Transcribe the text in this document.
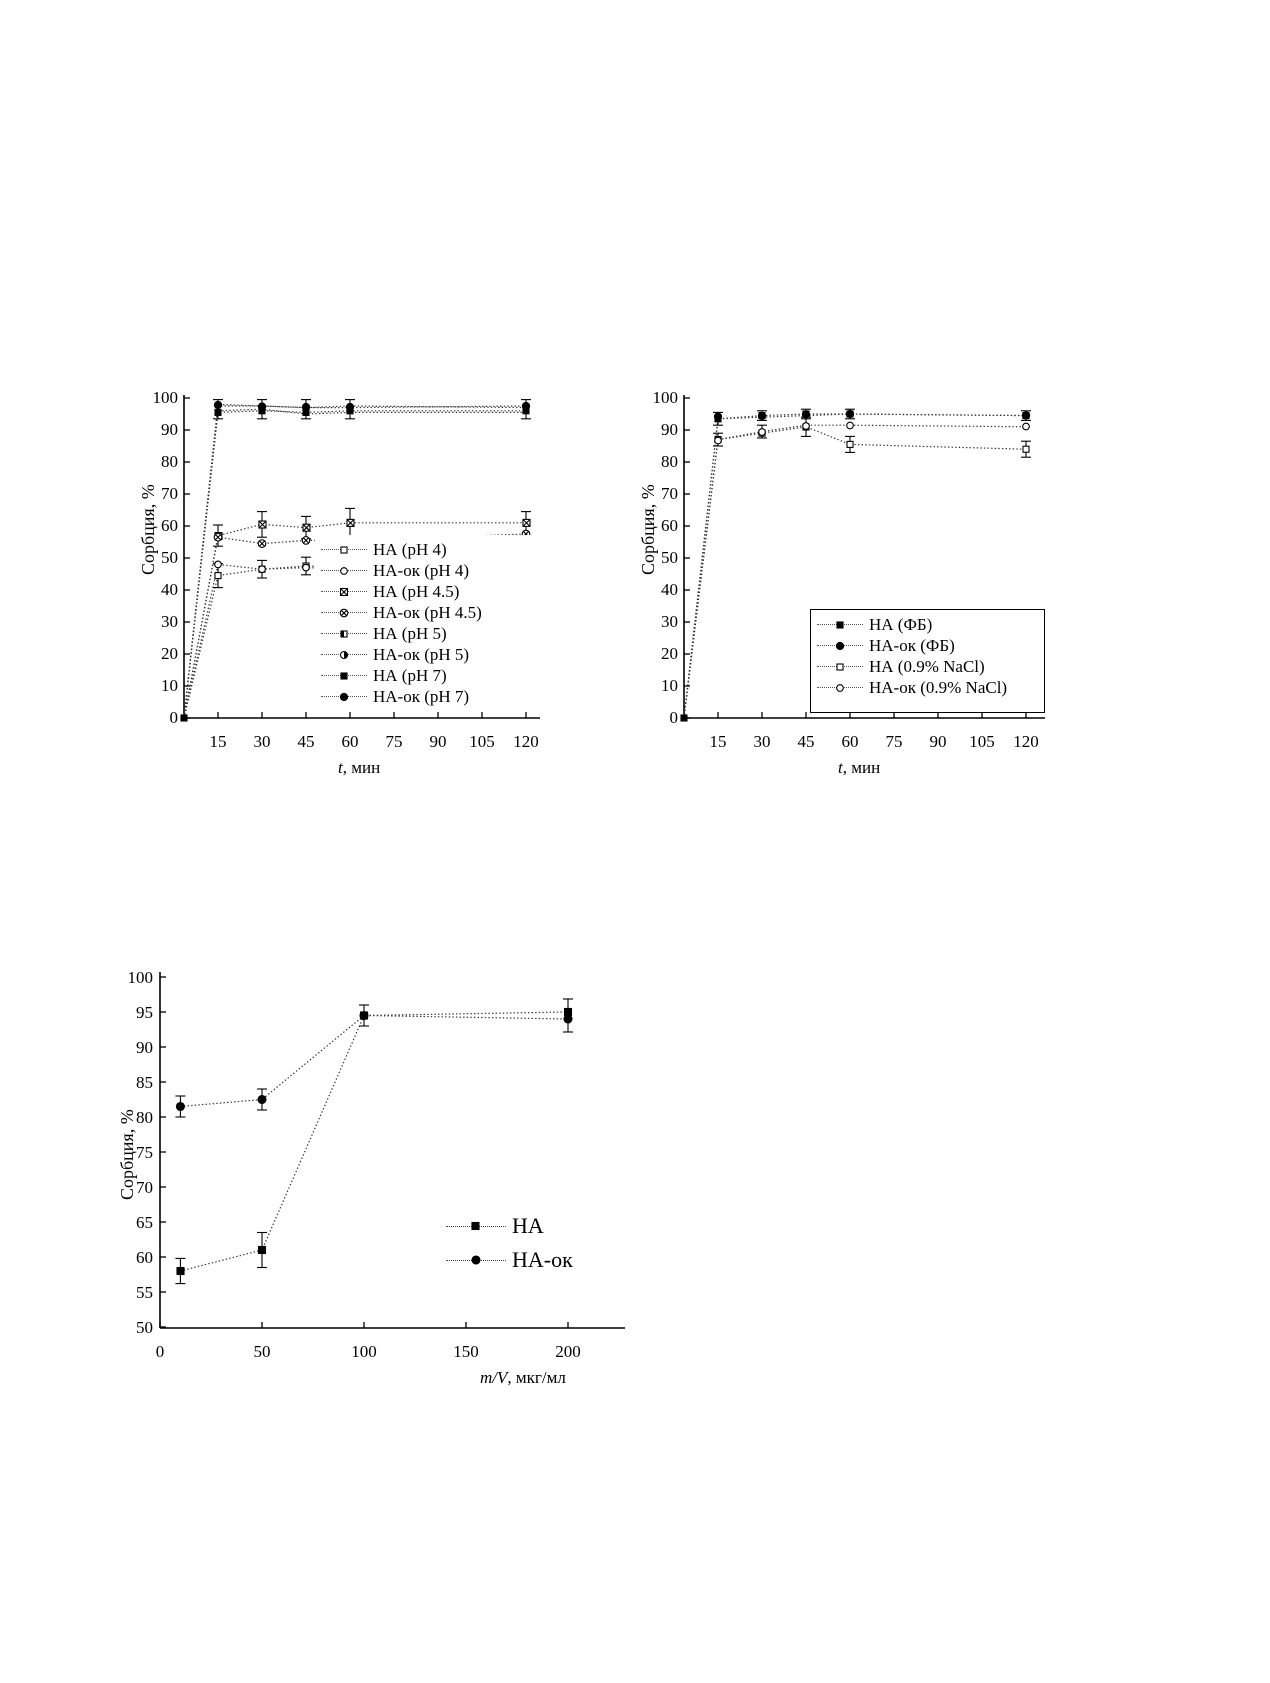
Сорбция, %
100
90
80
70
60
50
40
30
20
10
0
15	30	45	60	75	90	105 120
t, мин
НА (pH 4)
НА-ок (pH 4)
НА (pH 4.5)
НА-ок (pH 4.5)
НА (pH 5)
НА-ок (pH 5)
НА (pH 7)
НА-ок (pH 7)
Сорбция, %
100
90
80
70
60
50
40
30
20
10
0
15	30	45	60	75	90	105 120
t, мин
НА (ФБ)
НА-ок (ФБ)
НА (0.9% NaCl)
НА-ок (0.9% NaCl)
Сорбция, %
100
95
90
85
80
75
70
65
60
55
50
0	50	100	150	200
m/V, мкг/мл
НА
НА-ок
